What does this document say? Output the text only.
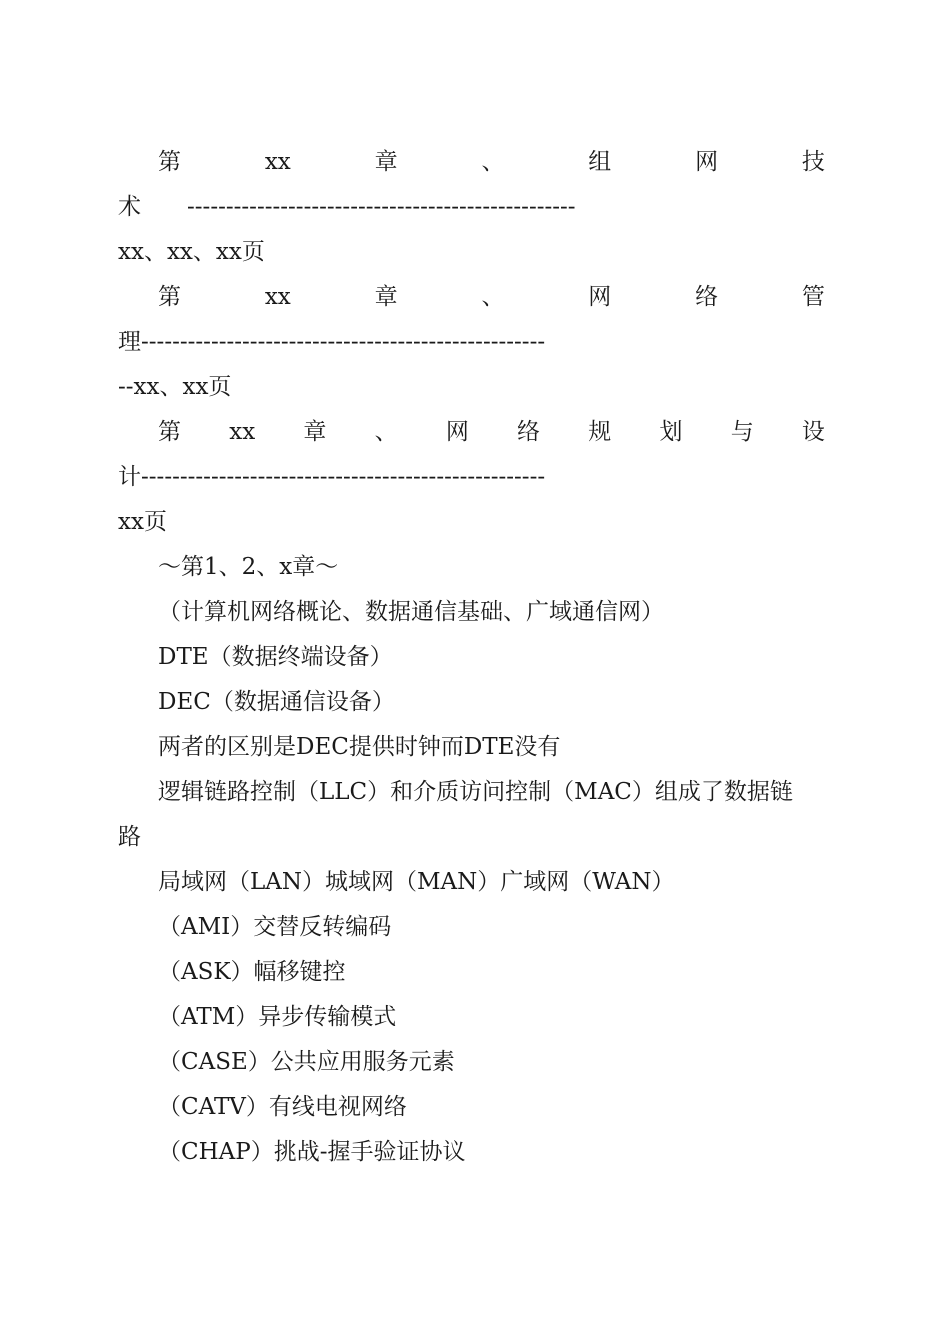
第	xx	章	、	组	网	技
术 --------------------------------------------------
xx、xx、xx页
第	xx	章	、	网	络	管
理 ----------------------------------------------------
--xx、xx页
第 xx 章 、 网 络 规 划 与 设
计 ----------------------------------------------------
xx页
～第1、2、x章～
（计算机网络概论、数据通信基础、广域通信网）
DTE（数据终端设备）
DEC（数据通信设备）
两者的区别是DEC提供时钟而DTE没有
逻辑链路控制（LLC）和介质访问控制（MAC）组成了数据链
路
局域网（LAN）城域网（MAN）广域网（WAN）
（AMI）交替反转编码
（ASK）幅移键控
（ATM）异步传输模式
（CASE）公共应用服务元素
（CATV）有线电视网络
（CHAP）挑战-握手验证协议
